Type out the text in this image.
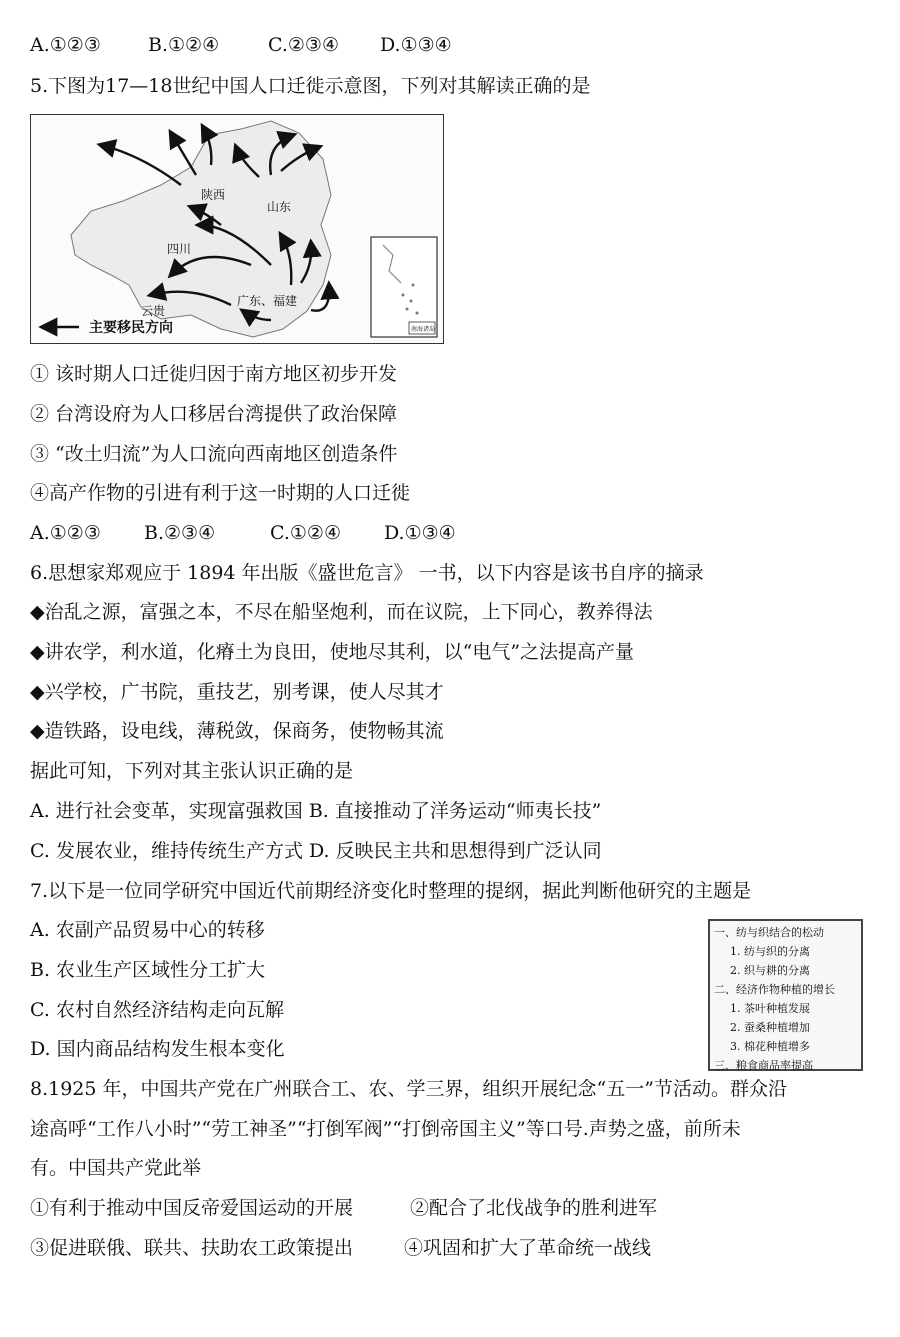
A.①②③ B.①②④	C.②③④ D.①③④
5.下图为17—18世纪中国人口迁徙示意图，下列对其解读正确的是
陕西
山东
四川
云贵
广东、福建
主要移民方向	南海诸岛
① 该时期人口迁徙归因于南方地区初步开发
② 台湾设府为人口移居台湾提供了政治保障
③ “改土归流”为人口流向西南地区创造条件
④高产作物的引进有利于这一时期的人口迁徙
A.①②③ B.②③④	C.①②④ D.①③④
6.思想家郑观应于 1894 年出版《盛世危言》 一书，以下内容是该书自序的摘录
◆治乱之源，富强之本，不尽在船坚炮利，而在议院，上下同心，教养得法
◆讲农学，利水道，化瘠土为良田，使地尽其利，以“电气”之法提高产量
◆兴学校，广书院，重技艺，别考课，使人尽其才
◆造铁路，设电线，薄税敛，保商务，使物畅其流
据此可知，下列对其主张认识正确的是
A. 进行社会变革，实现富强救国 B. 直接推动了洋务运动“师夷长技”
C. 发展农业，维持传统生产方式 D. 反映民主共和思想得到广泛认同
7.以下是一位同学研究中国近代前期经济变化时整理的提纲，据此判断他研究的主题是
A. 农副产品贸易中心的转移
B. 农业生产区域性分工扩大
C. 农村自然经济结构走向瓦解
D. 国内商品结构发生根本变化
一、纺与织结合的松动
1. 纺与织的分离
2. 织与耕的分离
二、经济作物种植的增长
1. 茶叶种植发展
2. 蚕桑种植增加
3. 棉花种植增多
三、粮食商品率提高
8.1925 年，中国共产党在广州联合工、农、学三界，组织开展纪念“五一”节活动。群众沿
途高呼“工作八小时”“劳工神圣”“打倒军阀”“打倒帝国主义”等口号.声势之盛，前所未
有。中国共产党此举
①有利于推动中国反帝爱国运动的开展	②配合了北伐战争的胜利进军
③促进联俄、联共、扶助农工政策提出	④巩固和扩大了革命统一战线
